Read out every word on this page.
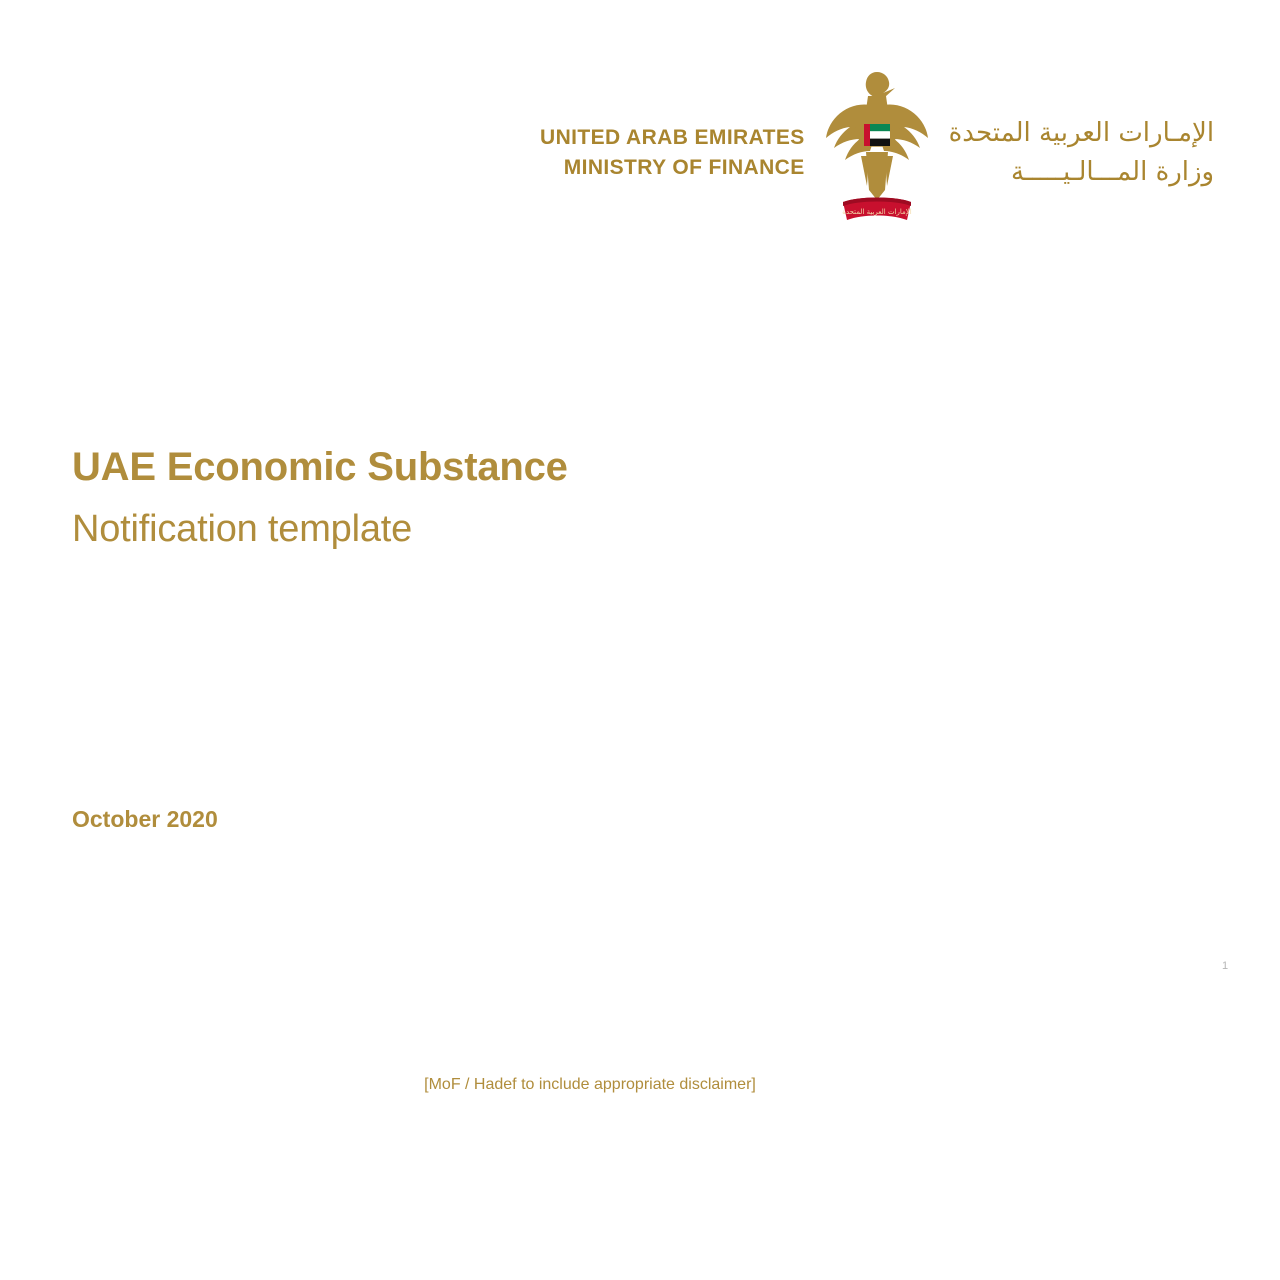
UNITED ARAB EMIRATES
MINISTRY OF FINANCE
الإمارات العربية المتحدة
الإمـارات العربية المتحدة
وزارة المـــالـيـــــة
UAE Economic Substance
Notification template
October 2020
1
[MoF / Hadef to include appropriate disclaimer]
